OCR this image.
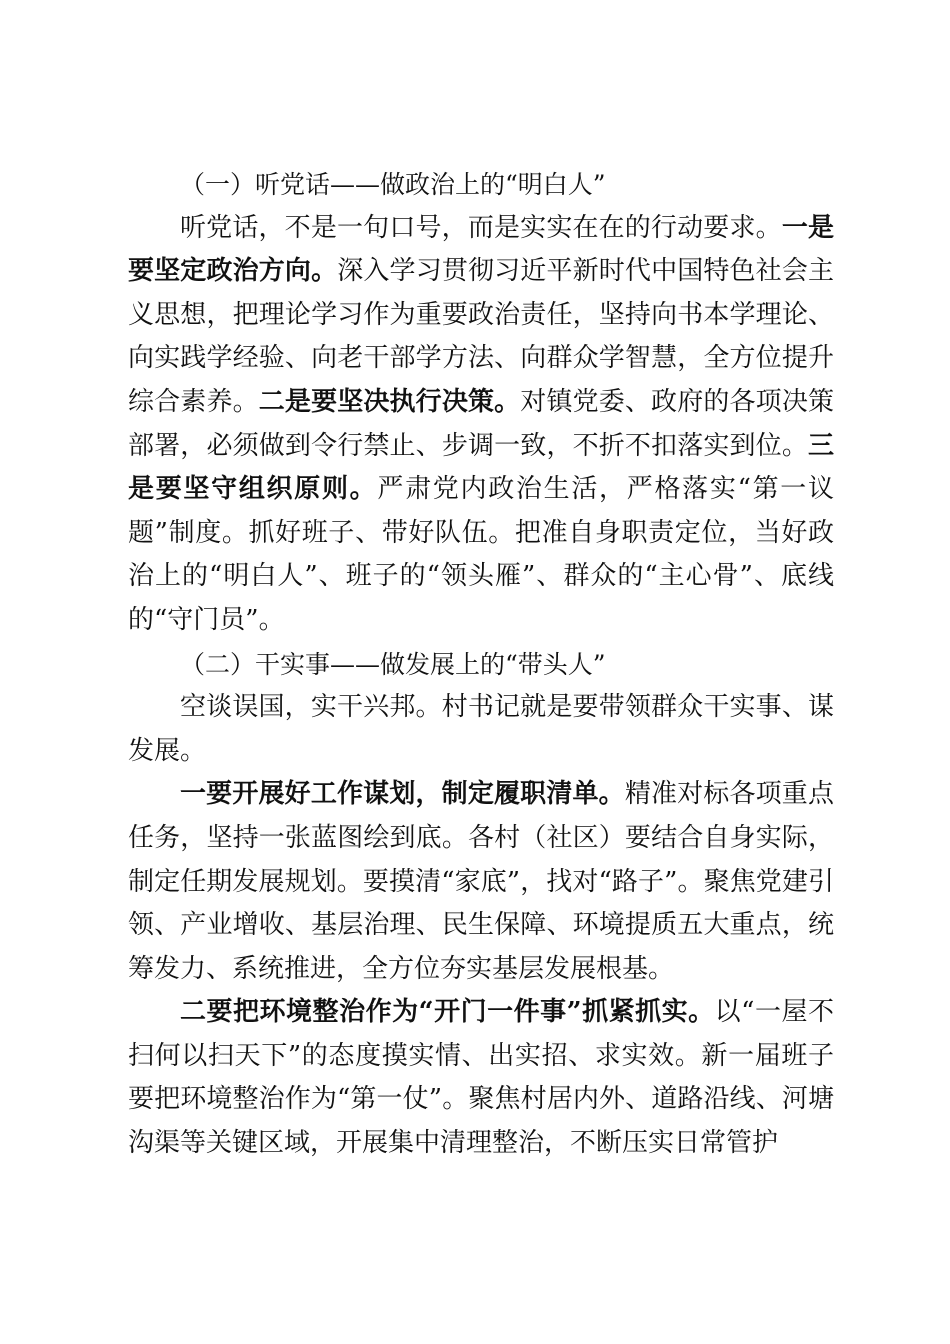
（一）听党话——做政治上的“明白人”

听党话，不是一句口号，而是实实在在的行动要求。一是要坚定政治方向。深入学习贯彻习近平新时代中国特色社会主义思想，把理论学习作为重要政治责任，坚持向书本学理论、向实践学经验、向老干部学方法、向群众学智慧，全方位提升综合素养。二是要坚决执行决策。对镇党委、政府的各项决策部署，必须做到令行禁止、步调一致，不折不扣落实到位。三是要坚守组织原则。严肃党内政治生活，严格落实“第一议题”制度。抓好班子、带好队伍。把准自身职责定位，当好政治上的“明白人”、班子的“领头雁”、群众的“主心骨”、底线的“守门员”。

（二）干实事——做发展上的“带头人”

空谈误国，实干兴邦。村书记就是要带领群众干实事、谋发展。

一要开展好工作谋划，制定履职清单。精准对标各项重点任务，坚持一张蓝图绘到底。各村（社区）要结合自身实际，制定任期发展规划。要摸清“家底”，找对“路子”。聚焦党建引领、产业增收、基层治理、民生保障、环境提质五大重点，统筹发力、系统推进，全方位夯实基层发展根基。

二要把环境整治作为“开门一件事”抓紧抓实。以“一屋不扫何以扫天下”的态度摸实情、出实招、求实效。新一届班子要把环境整治作为“第一仗”。聚焦村居内外、道路沿线、河塘沟渠等关键区域，开展集中清理整治，不断压实日常管护
